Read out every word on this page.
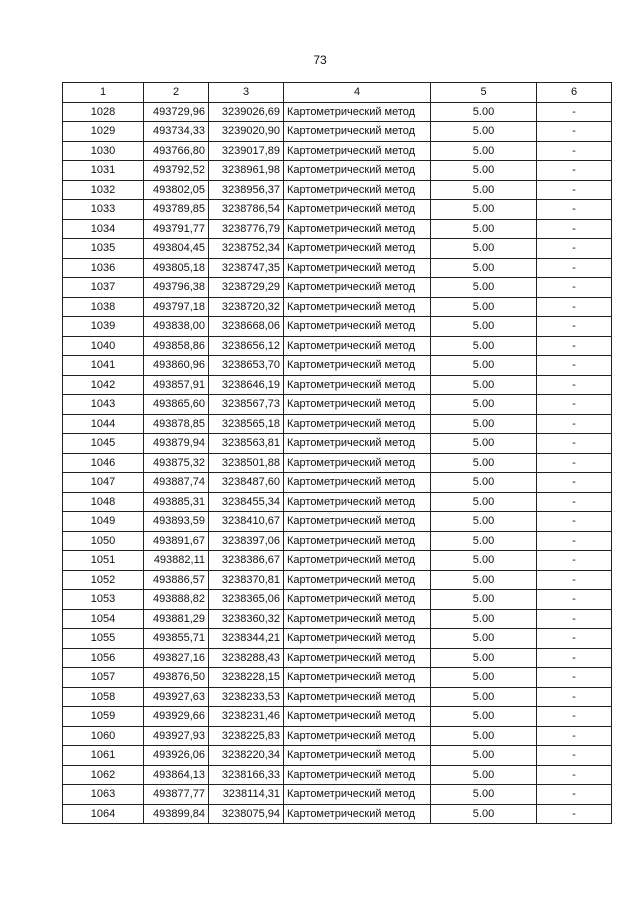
73
1	2	3	4	5	6
1028	493729,96	3239026,69	Картометрический метод	5.00	-
1029	493734,33	3239020,90	Картометрический метод	5.00	-
1030	493766,80	3239017,89	Картометрический метод	5.00	-
1031	493792,52	3238961,98	Картометрический метод	5.00	-
1032	493802,05	3238956,37	Картометрический метод	5.00	-
1033	493789,85	3238786,54	Картометрический метод	5.00	-
1034	493791,77	3238776,79	Картометрический метод	5.00	-
1035	493804,45	3238752,34	Картометрический метод	5.00	-
1036	493805,18	3238747,35	Картометрический метод	5.00	-
1037	493796,38	3238729,29	Картометрический метод	5.00	-
1038	493797,18	3238720,32	Картометрический метод	5.00	-
1039	493838,00	3238668,06	Картометрический метод	5.00	-
1040	493858,86	3238656,12	Картометрический метод	5.00	-
1041	493860,96	3238653,70	Картометрический метод	5.00	-
1042	493857,91	3238646,19	Картометрический метод	5.00	-
1043	493865,60	3238567,73	Картометрический метод	5.00	-
1044	493878,85	3238565,18	Картометрический метод	5.00	-
1045	493879,94	3238563,81	Картометрический метод	5.00	-
1046	493875,32	3238501,88	Картометрический метод	5.00	-
1047	493887,74	3238487,60	Картометрический метод	5.00	-
1048	493885,31	3238455,34	Картометрический метод	5.00	-
1049	493893,59	3238410,67	Картометрический метод	5.00	-
1050	493891,67	3238397,06	Картометрический метод	5.00	-
1051	493882,11	3238386,67	Картометрический метод	5.00	-
1052	493886,57	3238370,81	Картометрический метод	5.00	-
1053	493888,82	3238365,06	Картометрический метод	5.00	-
1054	493881,29	3238360,32	Картометрический метод	5.00	-
1055	493855,71	3238344,21	Картометрический метод	5.00	-
1056	493827,16	3238288,43	Картометрический метод	5.00	-
1057	493876,50	3238228,15	Картометрический метод	5.00	-
1058	493927,63	3238233,53	Картометрический метод	5.00	-
1059	493929,66	3238231,46	Картометрический метод	5.00	-
1060	493927,93	3238225,83	Картометрический метод	5.00	-
1061	493926,06	3238220,34	Картометрический метод	5.00	-
1062	493864,13	3238166,33	Картометрический метод	5.00	-
1063	493877,77	3238114,31	Картометрический метод	5.00	-
1064	493899,84	3238075,94	Картометрический метод	5.00	-
